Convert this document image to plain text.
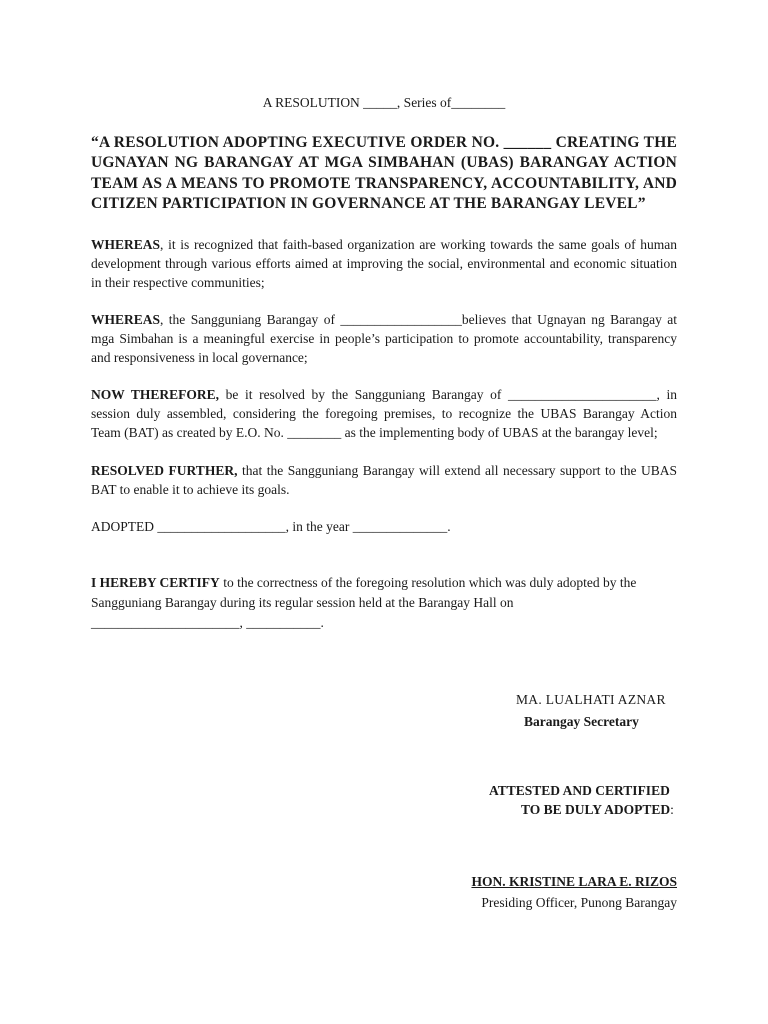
A RESOLUTION _____, Series of________
“A RESOLUTION ADOPTING EXECUTIVE ORDER NO. ______ CREATING THE
UGNAYAN NG BARANGAY AT MGA SIMBAHAN (UBAS) BARANGAY ACTION
TEAM AS A MEANS TO PROMOTE TRANSPARENCY, ACCOUNTABILITY, AND
CITIZEN PARTICIPATION IN GOVERNANCE AT THE BARANGAY LEVEL”
WHEREAS, it is recognized that faith-based organization are working towards the same goals of human
development through various efforts aimed at improving the social, environmental and economic situation
in their respective communities;
WHEREAS, the Sangguniang Barangay of __________________believes that Ugnayan ng Barangay at
mga Simbahan is a meaningful exercise in people’s participation to promote accountability, transparency
and responsiveness in local governance;
NOW THEREFORE, be it resolved by the Sangguniang Barangay of ______________________, in
session duly assembled, considering the foregoing premises, to recognize the UBAS Barangay Action
Team (BAT) as created by E.O. No. ________ as the implementing body of UBAS at the barangay level;
RESOLVED FURTHER, that the Sangguniang Barangay will extend all necessary support to the UBAS
BAT to enable it to achieve its goals.
ADOPTED ___________________, in the year ______________.
I HEREBY CERTIFY to the correctness of the foregoing resolution which was duly adopted by the
Sangguniang Barangay during its regular session held at the Barangay Hall on
______________________, ___________.
MA. LUALHATI AZNAR
Barangay Secretary
ATTESTED AND CERTIFIED
TO BE DULY ADOPTED:
HON. KRISTINE LARA E. RIZOS
Presiding Officer, Punong Barangay
